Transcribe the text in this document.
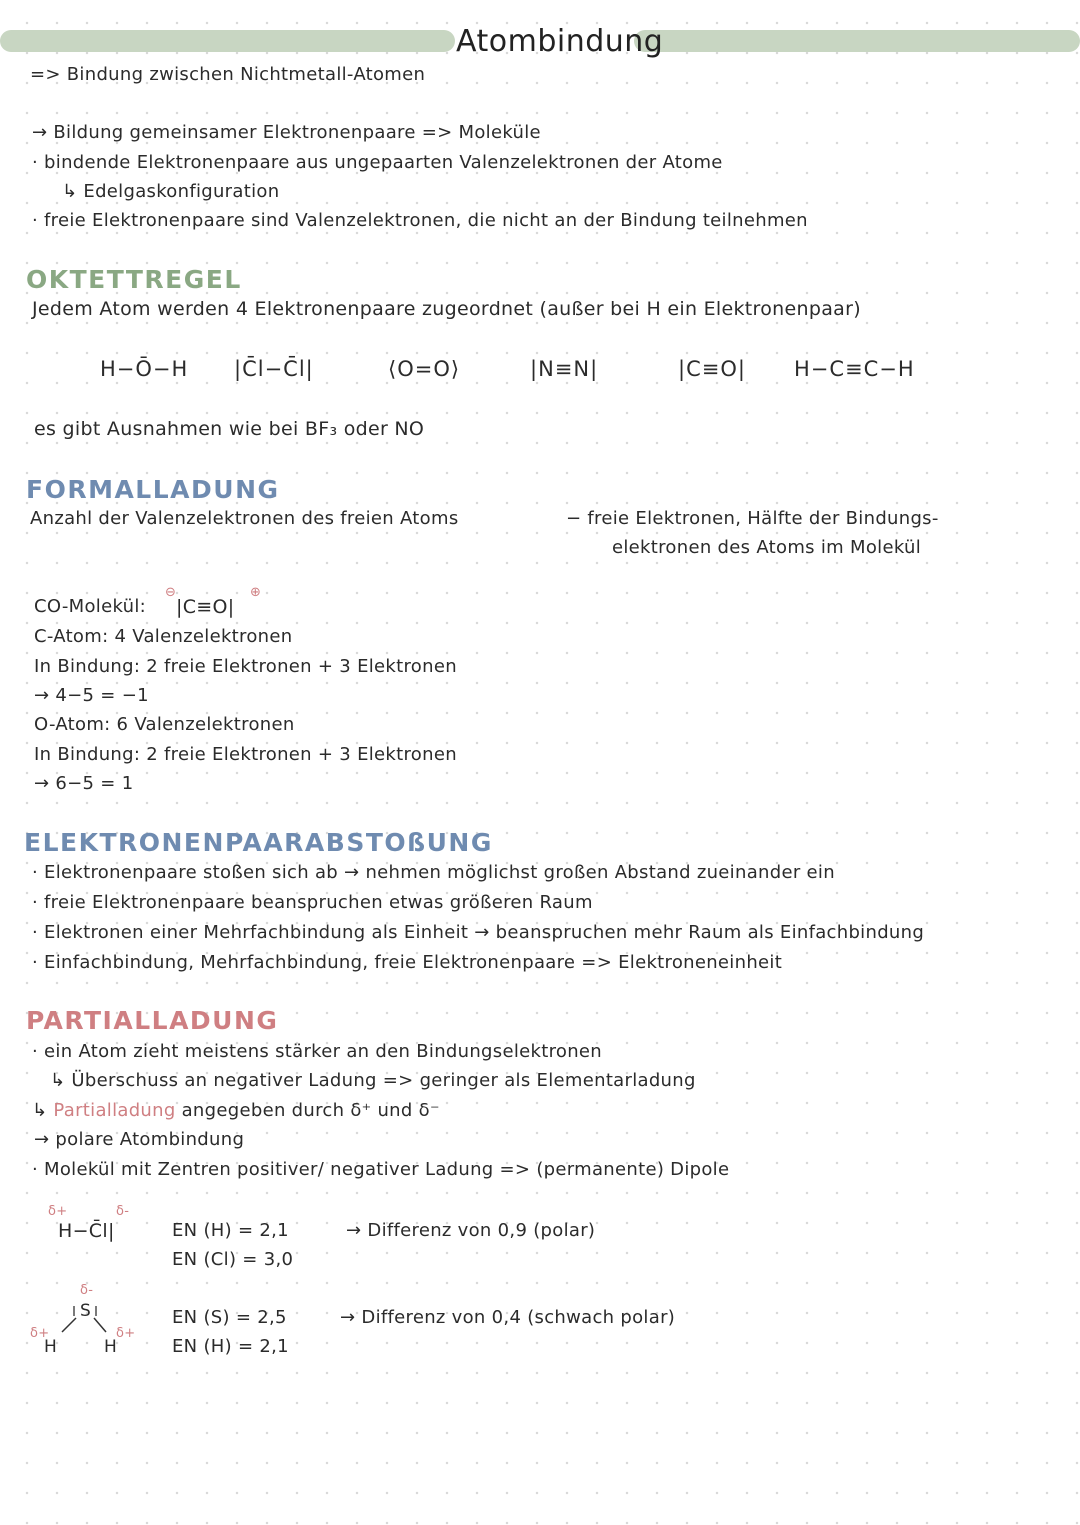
Atombindung
=> Bindung zwischen Nichtmetall-Atomen
→ Bildung gemeinsamer Elektronenpaare => Moleküle
· bindende Elektronenpaare aus ungepaarten Valenzelektronen der Atome
↳ Edelgaskonfiguration
· freie Elektronenpaare sind Valenzelektronen, die nicht an der Bindung teilnehmen
OKTETTREGEL
Jedem Atom werden 4 Elektronenpaare zugeordnet (außer bei H ein Elektronenpaar)
H−Ō−H |C̄l−C̄l|	⟨O=O⟩	|N≡N|	|C≡O| H−C≡C−H
es gibt Ausnahmen wie bei BF₃ oder NO
FORMALLADUNG
Anzahl der Valenzelektronen des freien Atoms	− freie Elektronen, Hälfte der Bindungs-
elektronen des Atoms im Molekül
CO-Molekül: |C≡O|
⊖	⊕
C-Atom: 4 Valenzelektronen
In Bindung: 2 freie Elektronen + 3 Elektronen
→ 4−5 = −1
O-Atom: 6 Valenzelektronen
In Bindung: 2 freie Elektronen + 3 Elektronen
→ 6−5 = 1
ELEKTRONENPAARABSTOßUNG
· Elektronenpaare stoßen sich ab → nehmen möglichst großen Abstand zueinander ein
· freie Elektronenpaare beanspruchen etwas größeren Raum
· Elektronen einer Mehrfachbindung als Einheit → beanspruchen mehr Raum als Einfachbindung
· Einfachbindung, Mehrfachbindung, freie Elektronenpaare => Elektroneneinheit
PARTIALLADUNG
· ein Atom zieht meistens stärker an den Bindungselektronen
↳ Überschuss an negativer Ladung => geringer als Elementarladung
↳ Partialladung angegeben durch δ⁺ und δ⁻
→ polare Atombindung
· Molekül mit Zentren positiver/ negativer Ladung => (permanente) Dipole
δ+	δ-
H−C̄l|	EN (H) = 2,1
EN (Cl) = 3,0
→ Differenz von 0,9 (polar)
δ-
S
δ+
H	H
δ+
EN (S) = 2,5
EN (H) = 2,1
→ Differenz von 0,4 (schwach polar)
